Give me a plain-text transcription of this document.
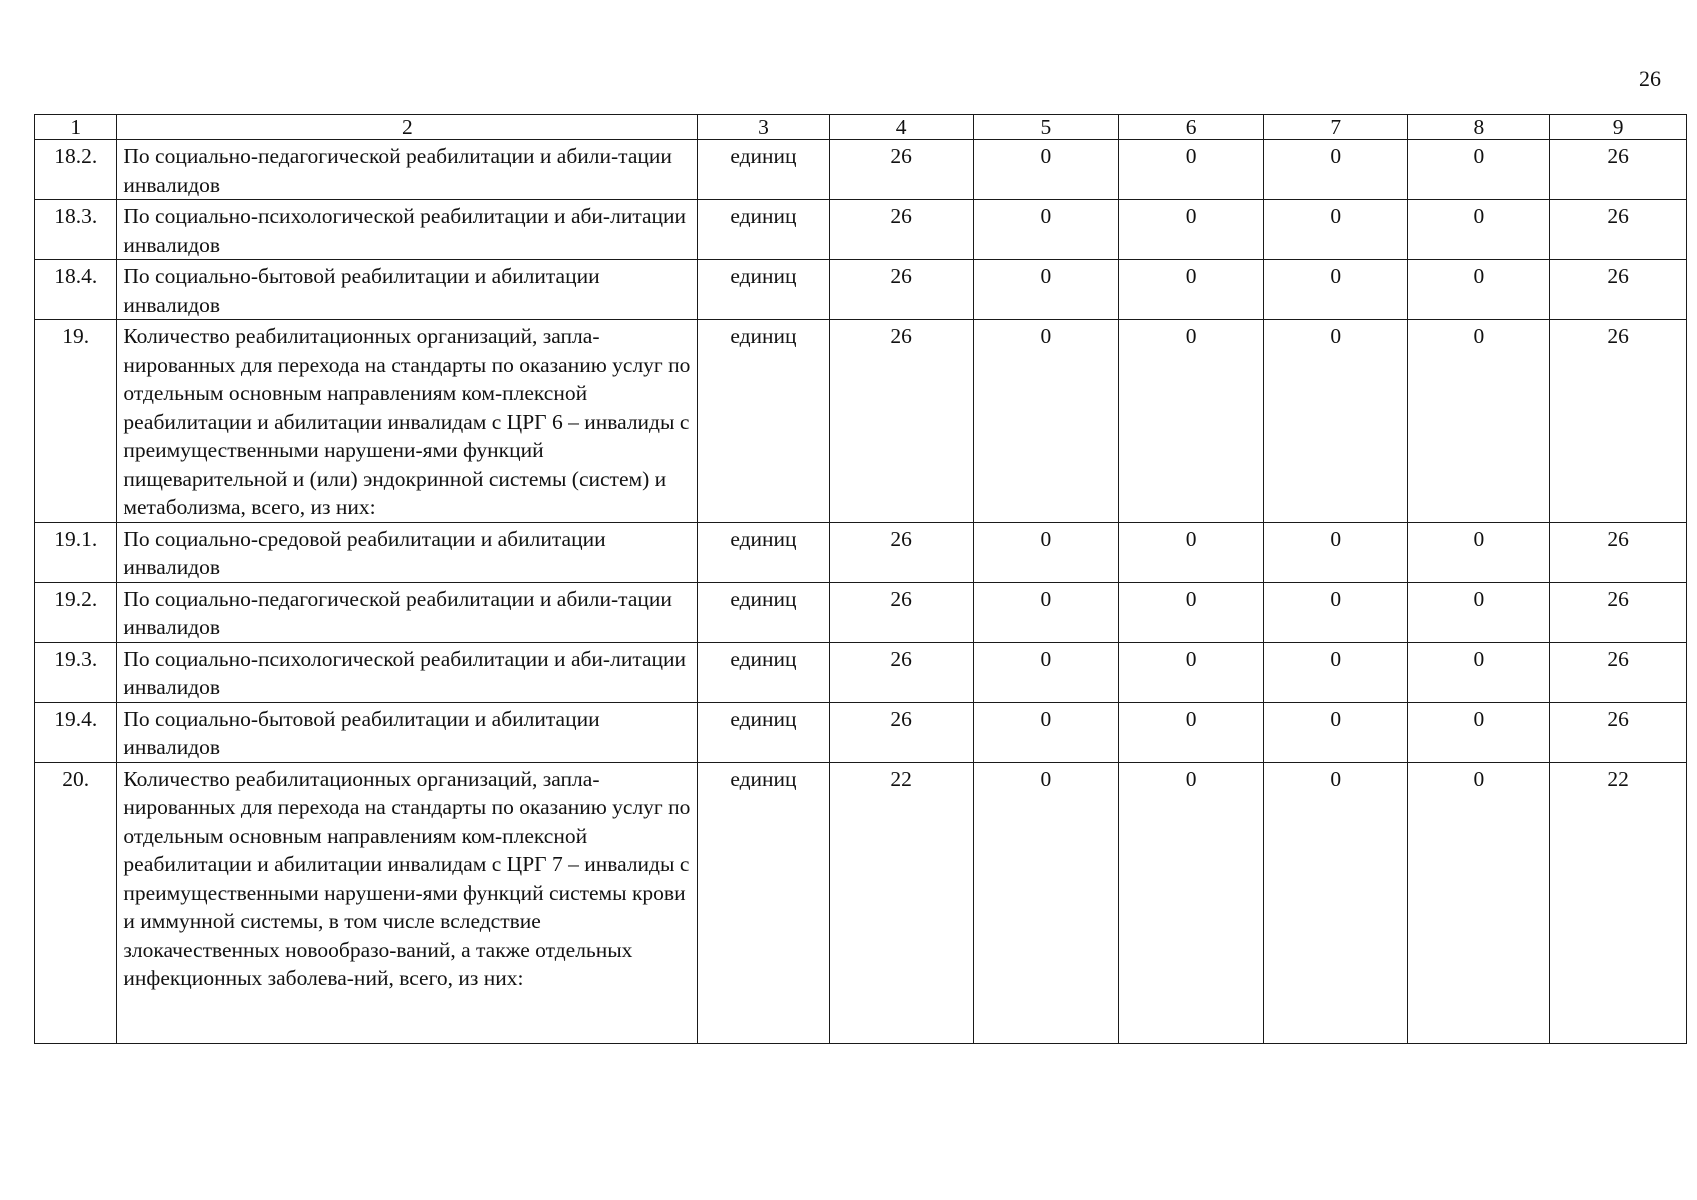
26
1	2	3	4	5	6	7	8	9
18.2.	По социально-педагогической реабилитации и абили-тации инвалидов	единиц	26	0	0	0	0	26
18.3.	По социально-психологической реабилитации и аби-литации инвалидов	единиц	26	0	0	0	0	26
18.4.	По социально-бытовой реабилитации и абилитации инвалидов	единиц	26	0	0	0	0	26
19.	Количество реабилитационных организаций, запла-нированных для перехода на стандарты по оказанию услуг по отдельным основным направлениям ком-плексной реабилитации и абилитации инвалидам с ЦРГ 6 – инвалиды с преимущественными нарушени-ями функций пищеварительной и (или) эндокринной системы (систем) и метаболизма, всего, из них:	единиц	26	0	0	0	0	26
19.1.	По социально-средовой реабилитации и абилитации инвалидов	единиц	26	0	0	0	0	26
19.2.	По социально-педагогической реабилитации и абили-тации инвалидов	единиц	26	0	0	0	0	26
19.3.	По социально-психологической реабилитации и аби-литации инвалидов	единиц	26	0	0	0	0	26
19.4.	По социально-бытовой реабилитации и абилитации инвалидов	единиц	26	0	0	0	0	26
20.	Количество реабилитационных организаций, запла-нированных для перехода на стандарты по оказанию услуг по отдельным основным направлениям ком-плексной реабилитации и абилитации инвалидам с ЦРГ 7 – инвалиды с преимущественными нарушени-ями функций системы крови и иммунной системы, в том числе вследствие злокачественных новообразо-ваний, а также отдельных инфекционных заболева-ний, всего, из них:	единиц	22	0	0	0	0	22
